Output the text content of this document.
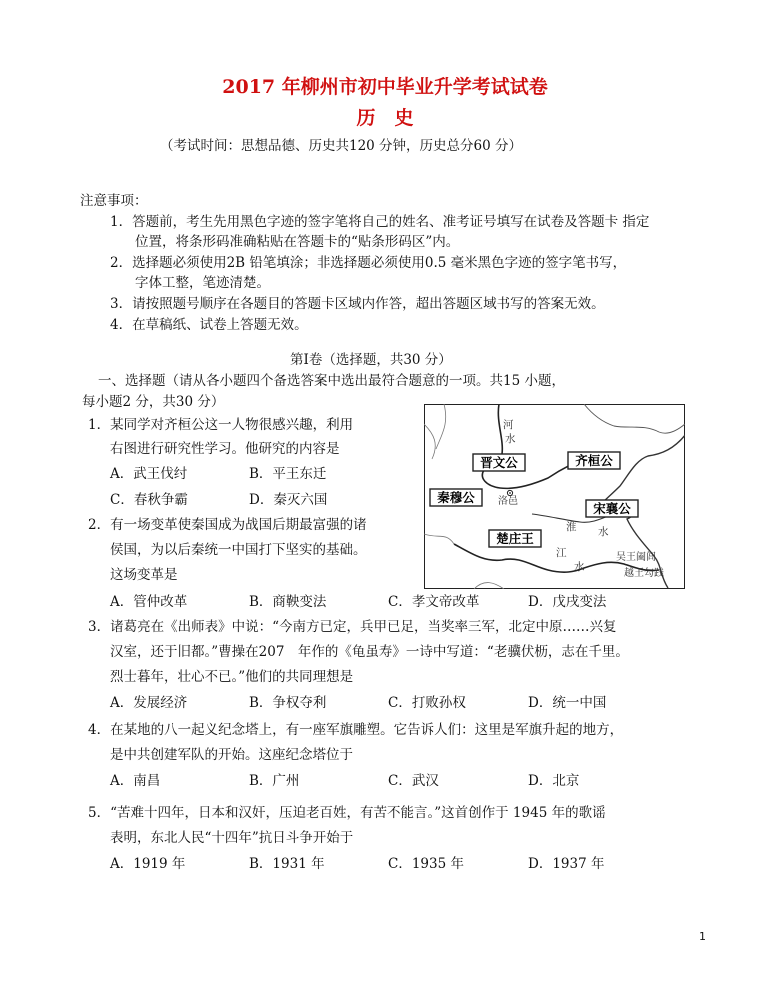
2017 年柳州市初中毕业升学考试试卷
历　史
（考试时间：思想品德、历史共120 分钟，历史总分60 分）
注意事项：
1．答题前，考生先用黑色字迹的签字笔将自己的姓名、准考证号填写在试卷及答题卡 指定
位置，将条形码准确粘贴在答题卡的“贴条形码区”内。
2．选择题必须使用2B 铅笔填涂；非选择题必须使用0.5 毫米黑色字迹的签字笔书写，
字体工整，笔迹清楚。
3．请按照题号顺序在各题目的答题卡区域内作答，超出答题区域书写的答案无效。
4．在草稿纸、试卷上答题无效。
第Ⅰ卷（选择题，共30 分）
一、选择题（请从各小题四个备选答案中选出最符合题意的一项。共15 小题，
每小题2 分，共30 分）
1．某同学对齐桓公这一人物很感兴趣，利用
右图进行研究性学习。他研究的内容是
A．武王伐纣	B．平王东迁
C．春秋争霸	D．秦灭六国
2．有一场变革使秦国成为战国后期最富强的诸
侯国，为以后秦统一中国打下坚实的基础。
这场变革是
A．管仲改革	B．商鞅变法	C．孝文帝改革	D．戊戌变法
3．诸葛亮在《出师表》中说：“今南方已定，兵甲已足，当奖率三军，北定中原……兴复
汉室，还于旧都。”曹操在207　年作的《龟虽寿》一诗中写道：“老骥伏枥，志在千里。
烈士暮年，壮心不已。”他们的共同理想是
A．发展经济	B．争权夺利	C．打败孙权	D．统一中国
4．在某地的八一起义纪念塔上，有一座军旗雕塑。它告诉人们：这里是军旗升起的地方，
是中共创建军队的开始。这座纪念塔位于
A．南昌	B．广州	C．武汉	D．北京
5．“苦难十四年，日本和汉奸，压迫老百姓，有苦不能言。”这首创作于 1945 年的歌谣
表明，东北人民“十四年”抗日斗争开始于
A．1919 年	B．1931 年	C．1935 年	D．1937 年
晋文公	齐桓公
秦穆公
宋襄公
楚庄王
河
水
洛邑
淮 水
江
水
吴王阖闾
越王勾践
1
